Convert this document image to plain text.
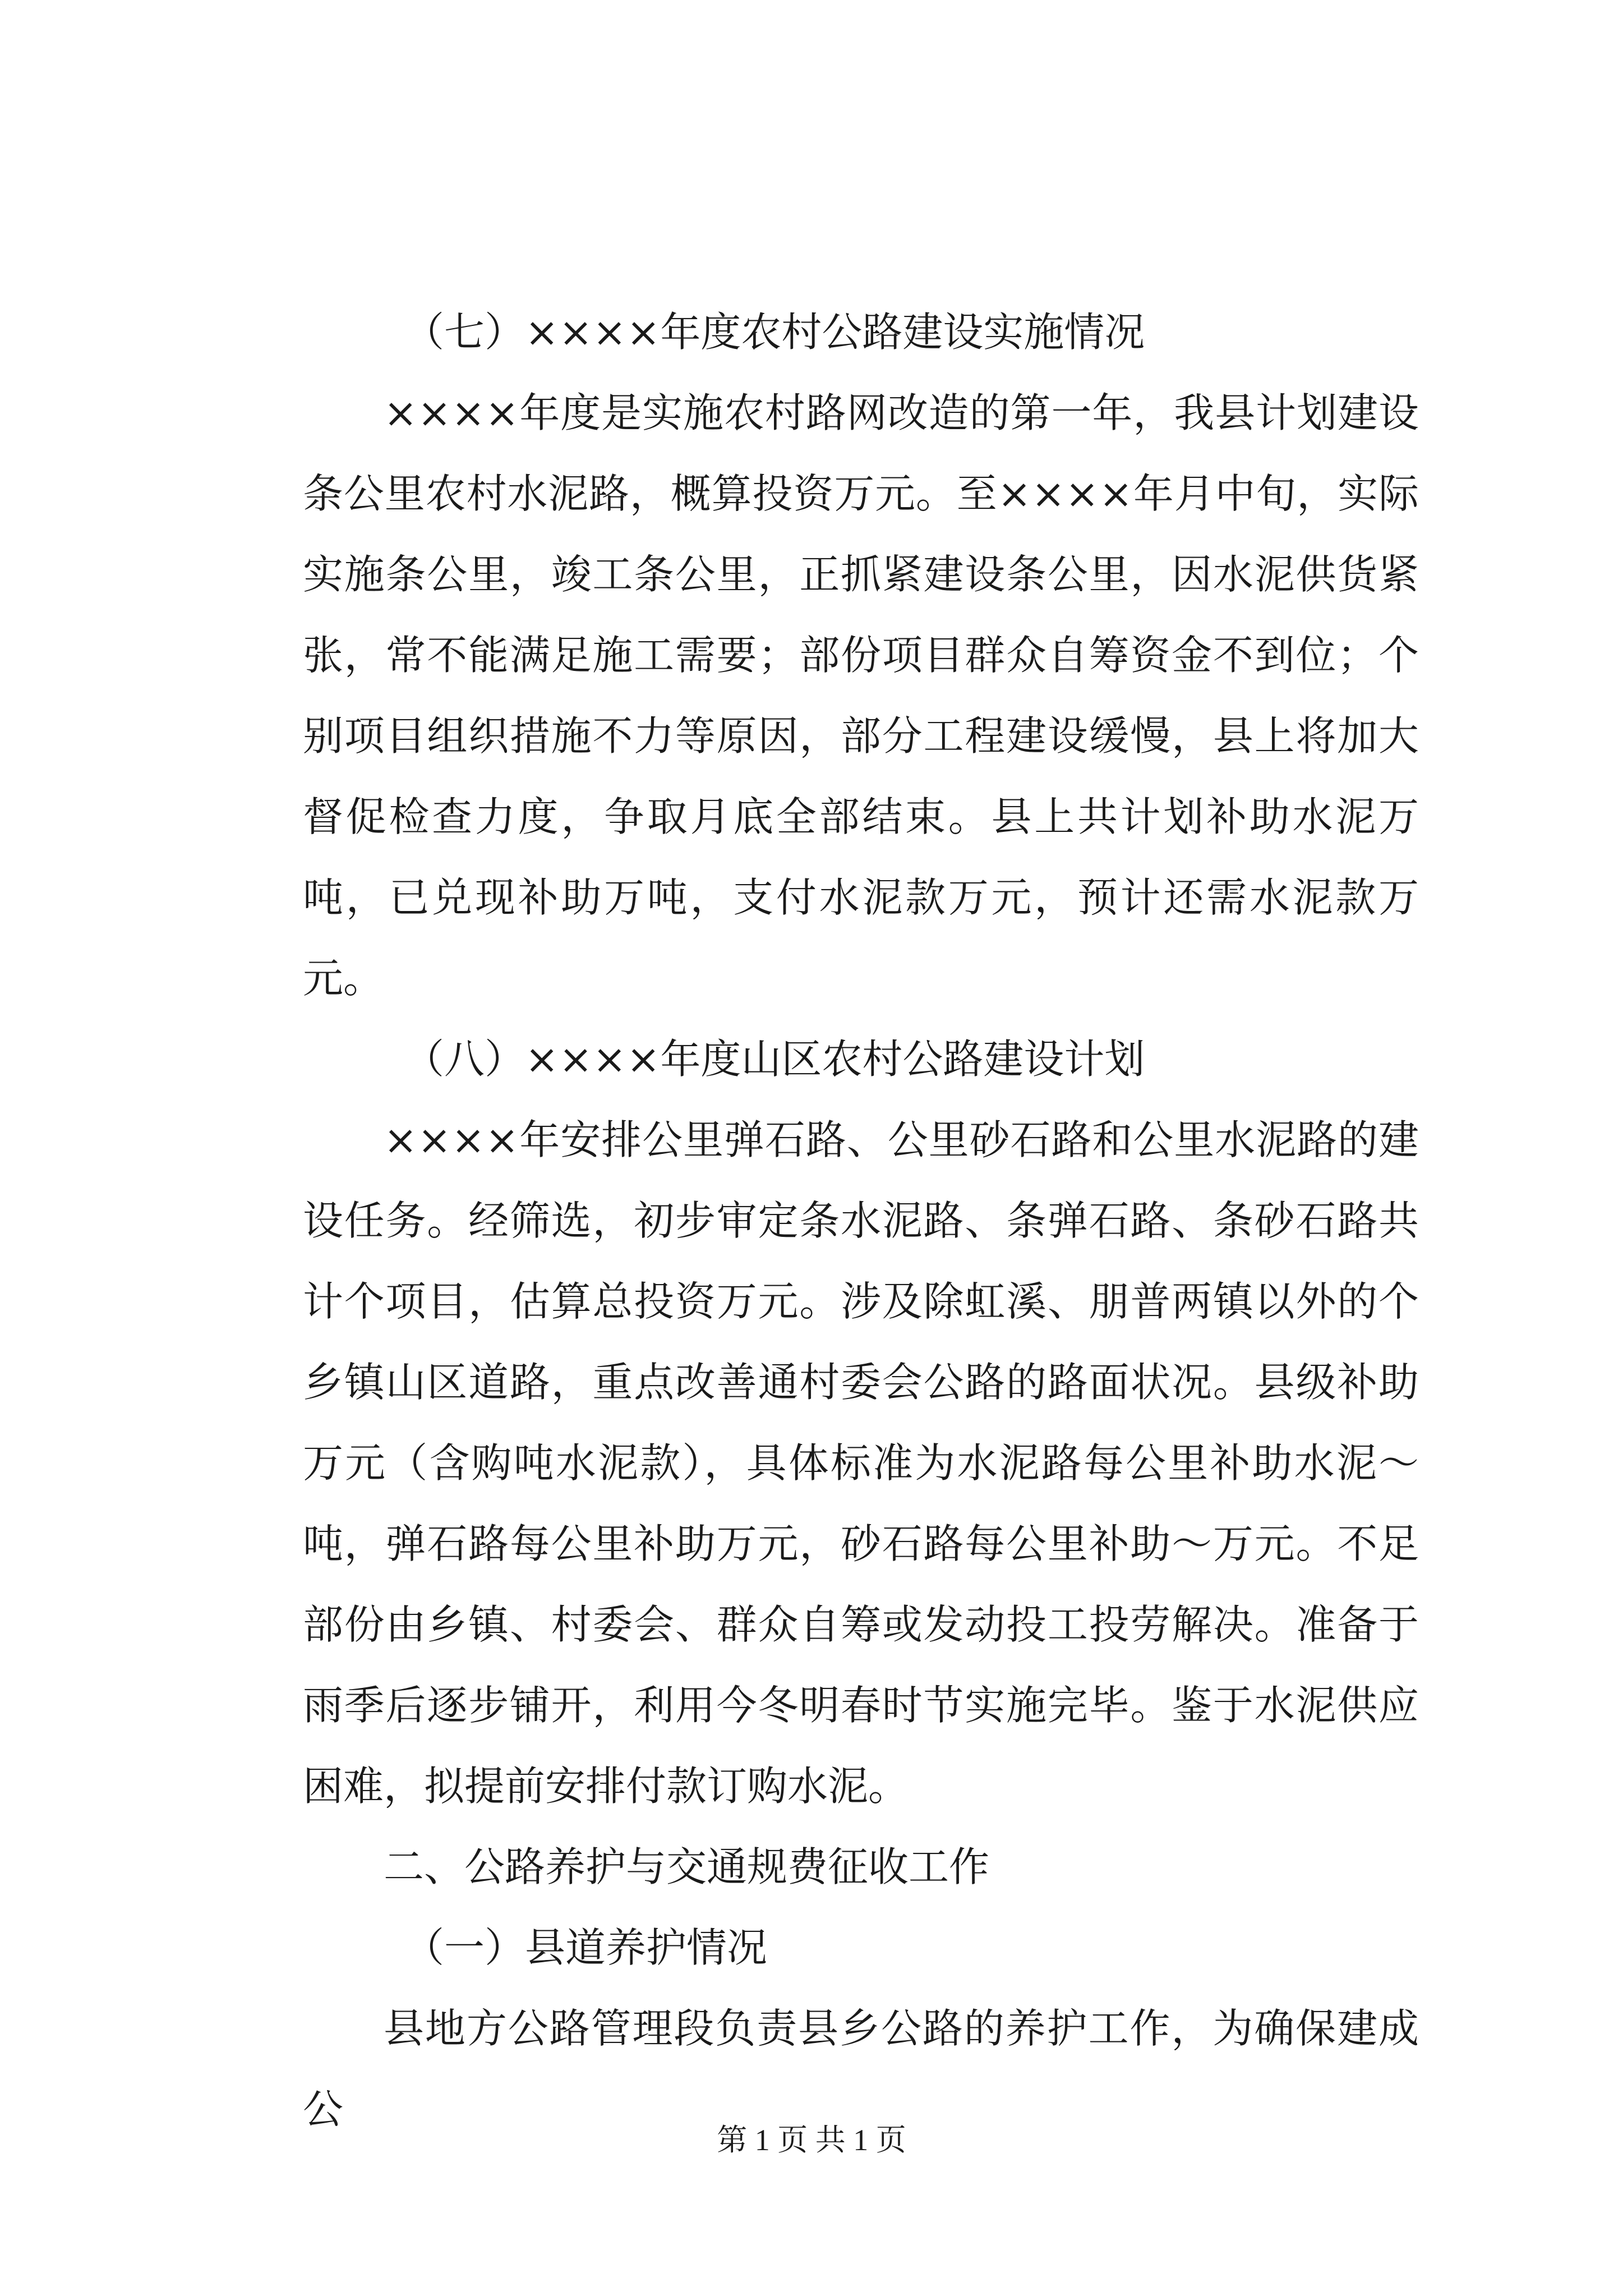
（七）××××年度农村公路建设实施情况

××××年度是实施农村路网改造的第一年，我县计划建设条公里农村水泥路，概算投资万元。至××××年月中旬，实际实施条公里，竣工条公里，正抓紧建设条公里，因水泥供货紧张，常不能满足施工需要；部份项目群众自筹资金不到位；个别项目组织措施不力等原因，部分工程建设缓慢，县上将加大督促检查力度，争取月底全部结束。县上共计划补助水泥万吨，已兑现补助万吨，支付水泥款万元，预计还需水泥款万元。

（八）××××年度山区农村公路建设计划

××××年安排公里弹石路、公里砂石路和公里水泥路的建设任务。经筛选，初步审定条水泥路、条弹石路、条砂石路共计个项目，估算总投资万元。涉及除虹溪、朋普两镇以外的个乡镇山区道路，重点改善通村委会公路的路面状况。县级补助万元（含购吨水泥款），具体标准为水泥路每公里补助水泥～吨，弹石路每公里补助万元，砂石路每公里补助～万元。不足部份由乡镇、村委会、群众自筹或发动投工投劳解决。准备于雨季后逐步铺开，利用今冬明春时节实施完毕。鉴于水泥供应困难，拟提前安排付款订购水泥。

二、公路养护与交通规费征收工作

（一）县道养护情况

县地方公路管理段负责县乡公路的养护工作，为确保建成公

第 1 页 共 1 页
